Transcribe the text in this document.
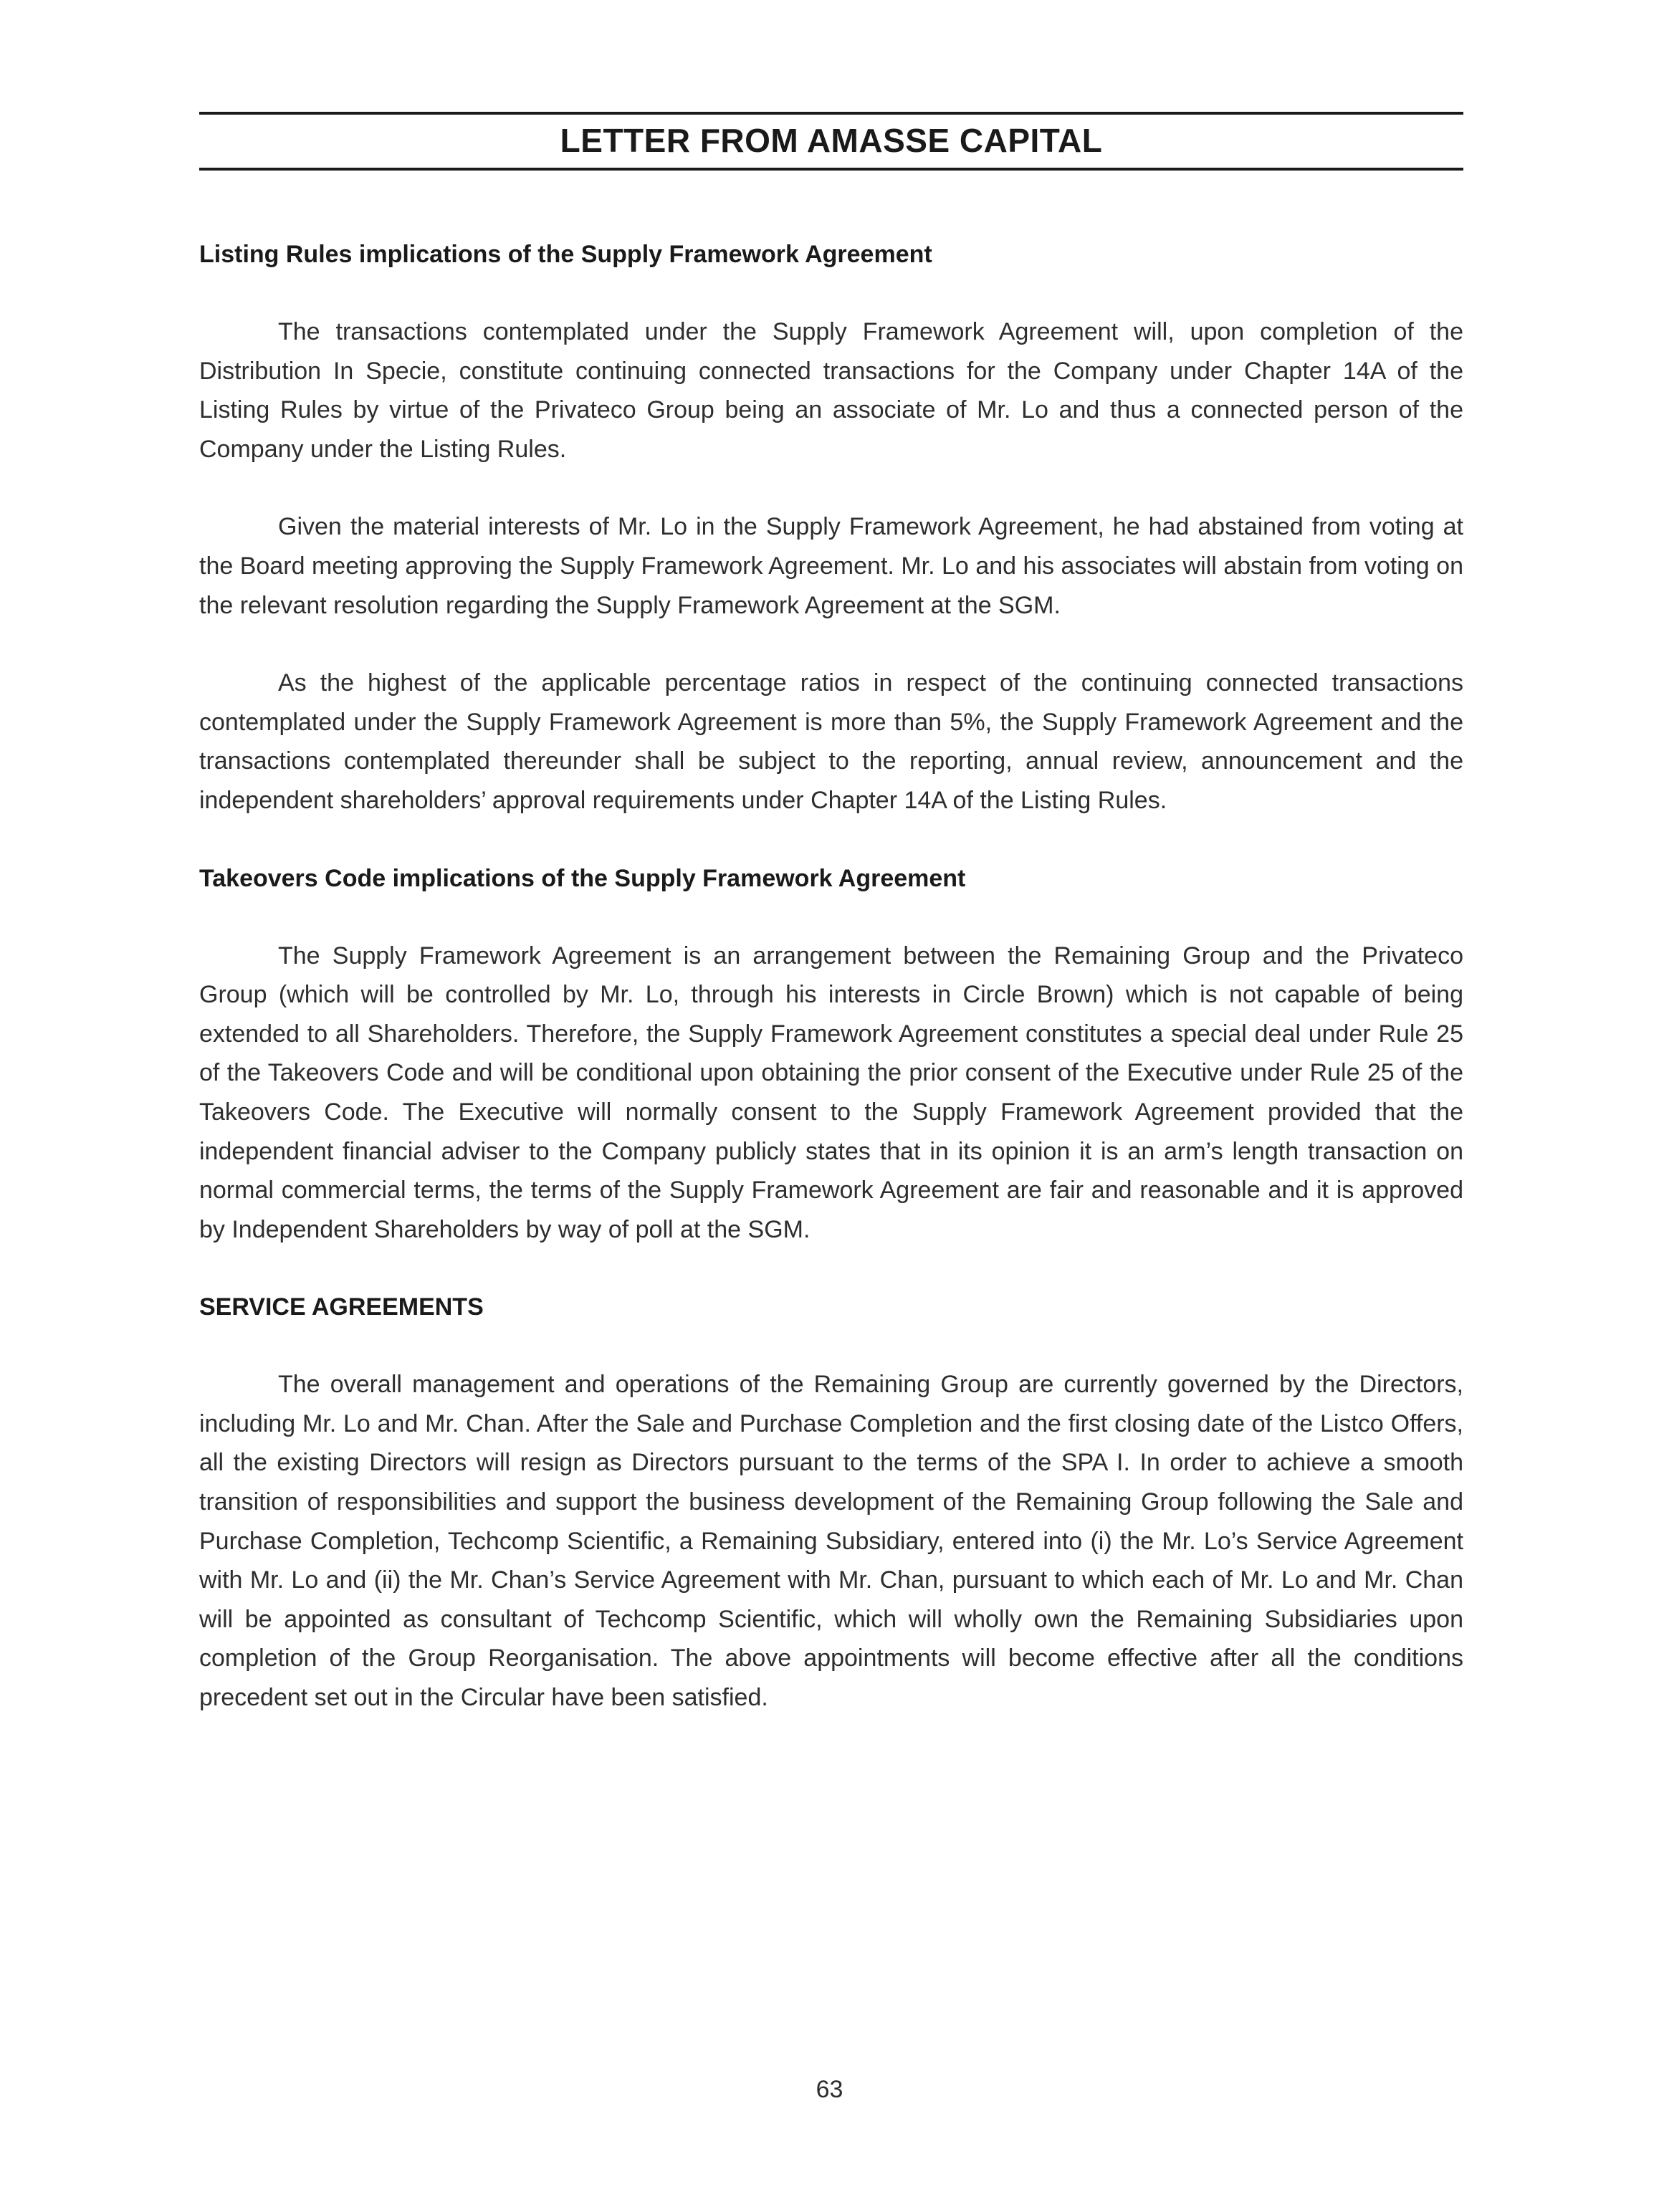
LETTER FROM AMASSE CAPITAL
Listing Rules implications of the Supply Framework Agreement

The transactions contemplated under the Supply Framework Agreement will, upon completion of the Distribution In Specie, constitute continuing connected transactions for the Company under Chapter 14A of the Listing Rules by virtue of the Privateco Group being an associate of Mr. Lo and thus a connected person of the Company under the Listing Rules.

Given the material interests of Mr. Lo in the Supply Framework Agreement, he had abstained from voting at the Board meeting approving the Supply Framework Agreement. Mr. Lo and his associates will abstain from voting on the relevant resolution regarding the Supply Framework Agreement at the SGM.

As the highest of the applicable percentage ratios in respect of the continuing connected transactions contemplated under the Supply Framework Agreement is more than 5%, the Supply Framework Agreement and the transactions contemplated thereunder shall be subject to the reporting, annual review, announcement and the independent shareholders’ approval requirements under Chapter 14A of the Listing Rules.

Takeovers Code implications of the Supply Framework Agreement

The Supply Framework Agreement is an arrangement between the Remaining Group and the Privateco Group (which will be controlled by Mr. Lo, through his interests in Circle Brown) which is not capable of being extended to all Shareholders. Therefore, the Supply Framework Agreement constitutes a special deal under Rule 25 of the Takeovers Code and will be conditional upon obtaining the prior consent of the Executive under Rule 25 of the Takeovers Code. The Executive will normally consent to the Supply Framework Agreement provided that the independent financial adviser to the Company publicly states that in its opinion it is an arm’s length transaction on normal commercial terms, the terms of the Supply Framework Agreement are fair and reasonable and it is approved by Independent Shareholders by way of poll at the SGM.

SERVICE AGREEMENTS

The overall management and operations of the Remaining Group are currently governed by the Directors, including Mr. Lo and Mr. Chan. After the Sale and Purchase Completion and the first closing date of the Listco Offers, all the existing Directors will resign as Directors pursuant to the terms of the SPA I. In order to achieve a smooth transition of responsibilities and support the business development of the Remaining Group following the Sale and Purchase Completion, Techcomp Scientific, a Remaining Subsidiary, entered into (i) the Mr. Lo’s Service Agreement with Mr. Lo and (ii) the Mr. Chan’s Service Agreement with Mr. Chan, pursuant to which each of Mr. Lo and Mr. Chan will be appointed as consultant of Techcomp Scientific, which will wholly own the Remaining Subsidiaries upon completion of the Group Reorganisation. The above appointments will become effective after all the conditions precedent set out in the Circular have been satisfied.

63
